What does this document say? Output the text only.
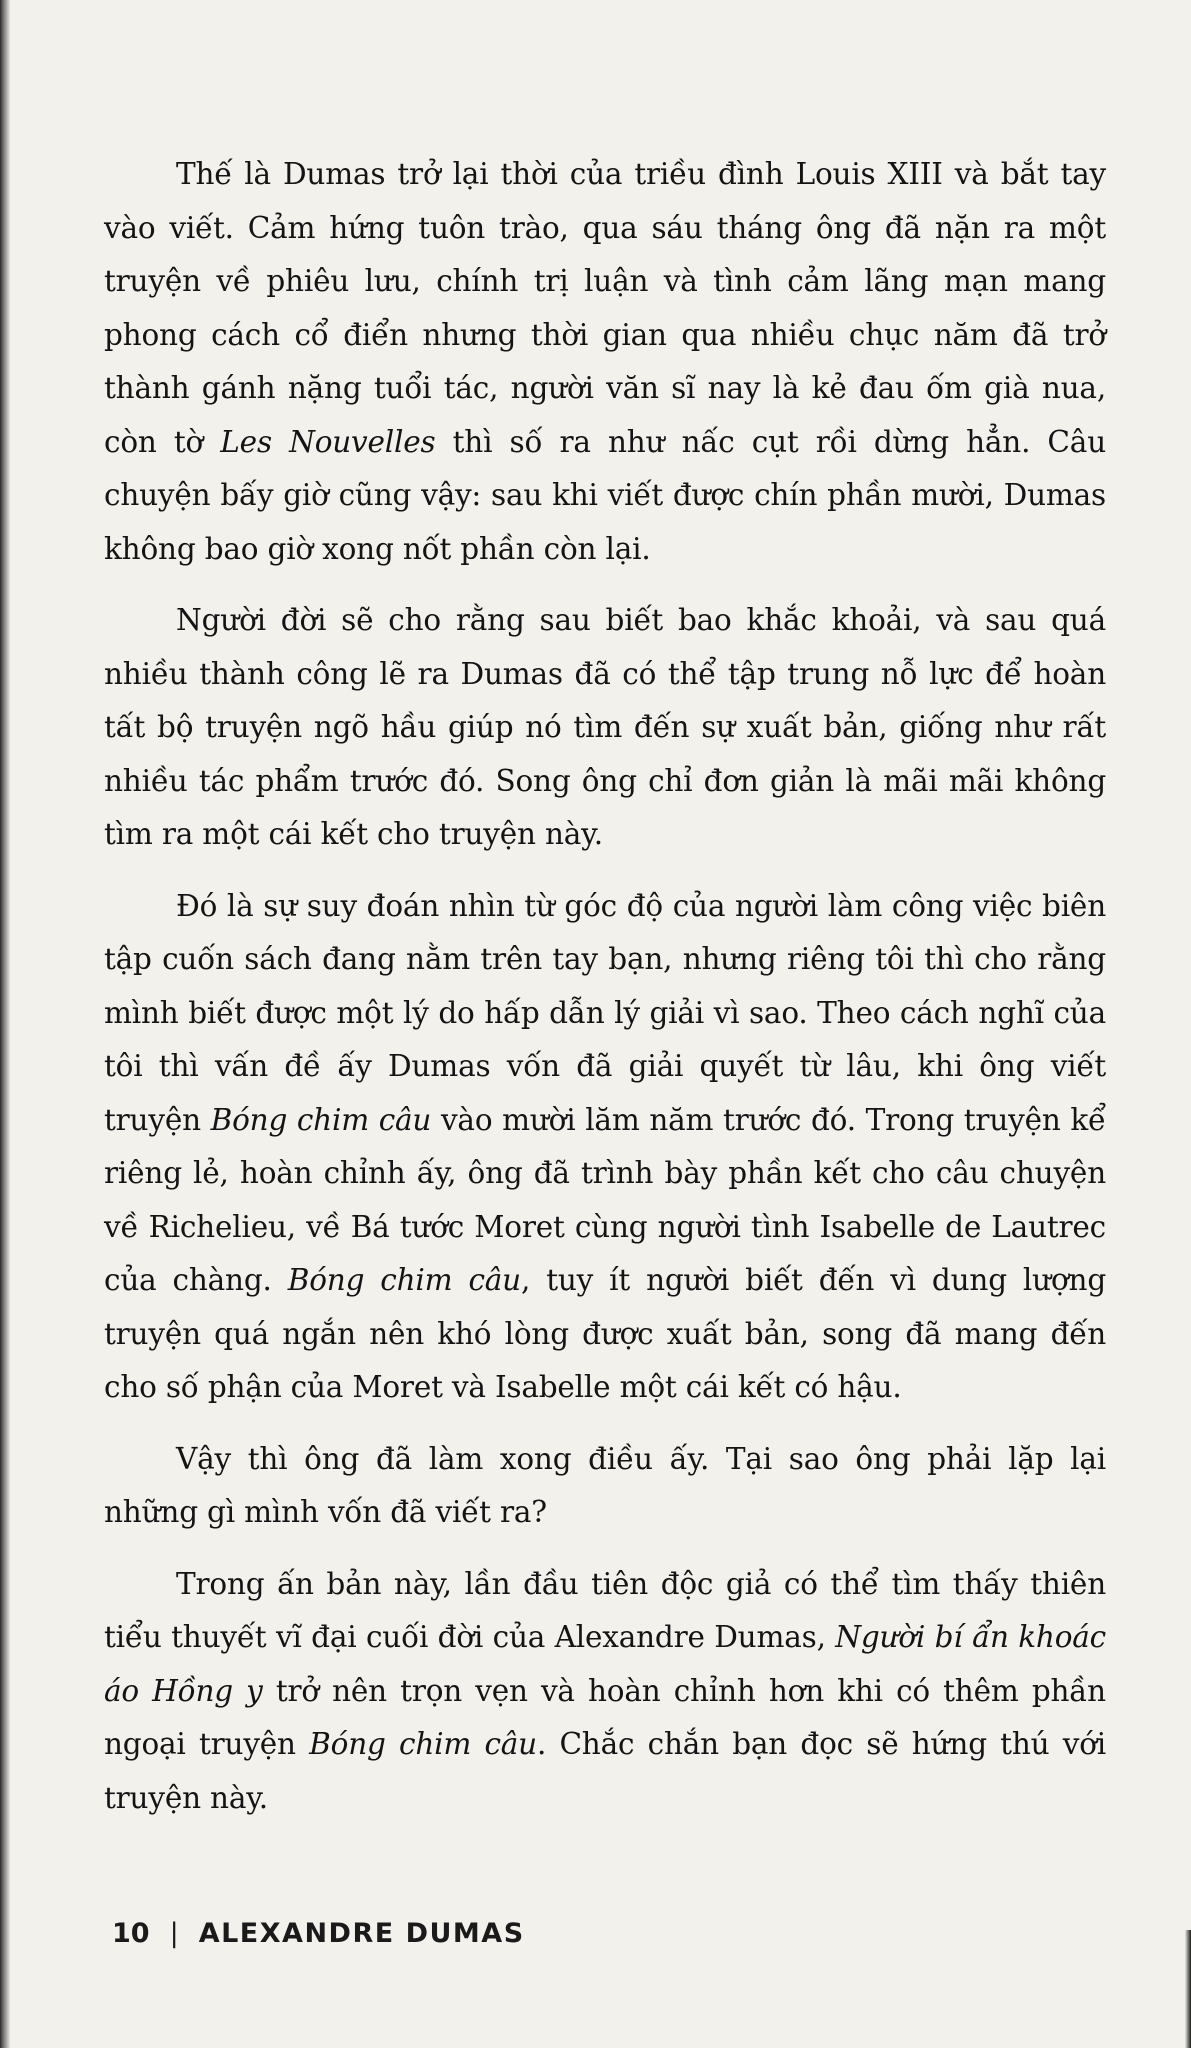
Thế là Dumas trở lại thời của triều đình Louis XIII và bắt tay vào viết. Cảm hứng tuôn trào, qua sáu tháng ông đã nặn ra một truyện về phiêu lưu, chính trị luận và tình cảm lãng mạn mang phong cách cổ điển nhưng thời gian qua nhiều chục năm đã trở thành gánh nặng tuổi tác, người văn sĩ nay là kẻ đau ốm già nua, còn tờ Les Nouvelles thì số ra như nấc cụt rồi dừng hẳn. Câu chuyện bấy giờ cũng vậy: sau khi viết được chín phần mười, Dumas không bao giờ xong nốt phần còn lại.

Người đời sẽ cho rằng sau biết bao khắc khoải, và sau quá nhiều thành công lẽ ra Dumas đã có thể tập trung nỗ lực để hoàn tất bộ truyện ngõ hầu giúp nó tìm đến sự xuất bản, giống như rất nhiều tác phẩm trước đó. Song ông chỉ đơn giản là mãi mãi không tìm ra một cái kết cho truyện này.

Đó là sự suy đoán nhìn từ góc độ của người làm công việc biên tập cuốn sách đang nằm trên tay bạn, nhưng riêng tôi thì cho rằng mình biết được một lý do hấp dẫn lý giải vì sao. Theo cách nghĩ của tôi thì vấn đề ấy Dumas vốn đã giải quyết từ lâu, khi ông viết truyện Bóng chim câu vào mười lăm năm trước đó. Trong truyện kể riêng lẻ, hoàn chỉnh ấy, ông đã trình bày phần kết cho câu chuyện về Richelieu, về Bá tước Moret cùng người tình Isabelle de Lautrec của chàng. Bóng chim câu, tuy ít người biết đến vì dung lượng truyện quá ngắn nên khó lòng được xuất bản, song đã mang đến cho số phận của Moret và Isabelle một cái kết có hậu.

Vậy thì ông đã làm xong điều ấy. Tại sao ông phải lặp lại những gì mình vốn đã viết ra?

Trong ấn bản này, lần đầu tiên độc giả có thể tìm thấy thiên tiểu thuyết vĩ đại cuối đời của Alexandre Dumas, Người bí ẩn khoác áo Hồng y trở nên trọn vẹn và hoàn chỉnh hơn khi có thêm phần ngoại truyện Bóng chim câu. Chắc chắn bạn đọc sẽ hứng thú với truyện này.

10 | ALEXANDRE DUMAS
